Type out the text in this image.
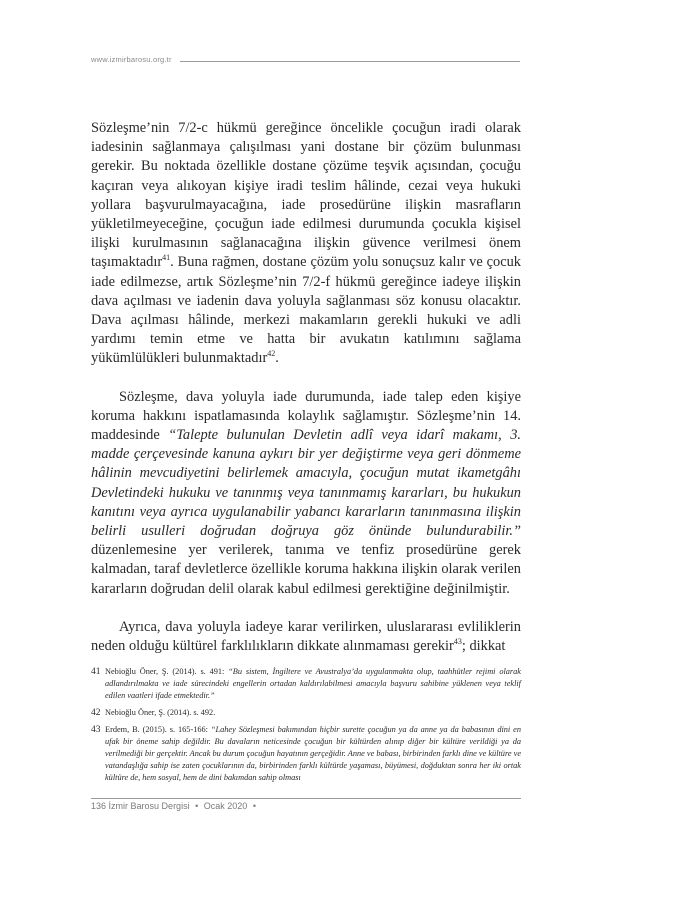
www.izmirbarosu.org.tr

Sözleşme’nin 7/2-c hükmü gereğince öncelikle çocuğun iradi olarak iadesinin sağlanmaya çalışılması yani dostane bir çözüm bulunması gerekir. Bu noktada özellikle dostane çözüme teşvik açısından, çocuğu kaçıran veya alıkoyan kişiye iradi teslim hâlinde, cezai veya hukuki yollara başvurulmayacağına, iade prosedürüne ilişkin masrafların yükletilmeyeceğine, çocuğun iade edilmesi durumunda çocukla kişisel ilişki kurulmasının sağlanacağına ilişkin güvence verilmesi önem taşımaktadır$^{41}$. Buna rağmen, dostane çözüm yolu sonuçsuz kalır ve çocuk iade edilmezse, artık Sözleşme’nin 7/2-f hükmü gereğince iadeye ilişkin dava açılması ve iadenin dava yoluyla sağlanması söz konusu olacaktır. Dava açılması hâlinde, merkezi makamların gerekli hukuki ve adli yardımı temin etme ve hatta bir avukatın katılımını sağlama yükümlülükleri bulunmaktadır$^{42}$.

Sözleşme, dava yoluyla iade durumunda, iade talep eden kişiye koruma hakkını ispatlamasında kolaylık sağlamıştır. Sözleşme’nin 14. maddesinde “Talepte bulunulan Devletin adlî veya idarî makamı, 3. madde çerçevesinde kanuna aykırı bir yer değiştirme veya geri dönmeme hâlinin mevcudiyetini belirlemek amacıyla, çocuğun mutat ikametgâhı Devletindeki hukuku ve tanınmış veya tanınmamış kararları, bu hukukun kanıtını veya ayrıca uygulanabilir yabancı kararların tanınmasına ilişkin belirli usulleri doğrudan doğruya göz önünde bulundurabilir.” düzenlemesine yer verilerek, tanıma ve tenfiz prosedürüne gerek kalmadan, taraf devletlerce özellikle koruma hakkına ilişkin olarak verilen kararların doğrudan delil olarak kabul edilmesi gerektiğine değinilmiştir.

Ayrıca, dava yoluyla iadeye karar verilirken, uluslararası evliliklerin neden olduğu kültürel farklılıkların dikkate alınmaması gerekir$^{43}$; dikkat

41 Nebioğlu Öner, Ş. (2014). s. 491: “Bu sistem, İngiltere ve Avustralya’da uygulanmakta olup, taahhütler rejimi olarak adlandırılmakta ve iade sürecindeki engellerin ortadan kaldırılabilmesi amacıyla başvuru sahibine yüklenen veya teklif edilen vaatleri ifade etmektedir.”
42 Nebioğlu Öner, Ş. (2014). s. 492.
43 Erdem, B. (2015). s. 165-166: “Lahey Sözleşmesi bakımından hiçbir surette çocuğun ya da anne ya da babasının dini en ufak bir öneme sahip değildir. Bu davaların neticesinde çocuğun bir kültürden alınıp diğer bir kültüre verildiği ya da verilmediği bir gerçektir. Ancak bu durum çocuğun hayatının gerçeğidir. Anne ve babası, birbirinden farklı dine ve kültüre ve vatandaşlığa sahip ise zaten çocuklarının da, birbirinden farklı kültürde yaşaması, büyümesi, doğduktan sonra her iki ortak kültüre de, hem sosyal, hem de dini bakımdan sahip olması
136 İzmir Barosu Dergisi • Ocak 2020 •
